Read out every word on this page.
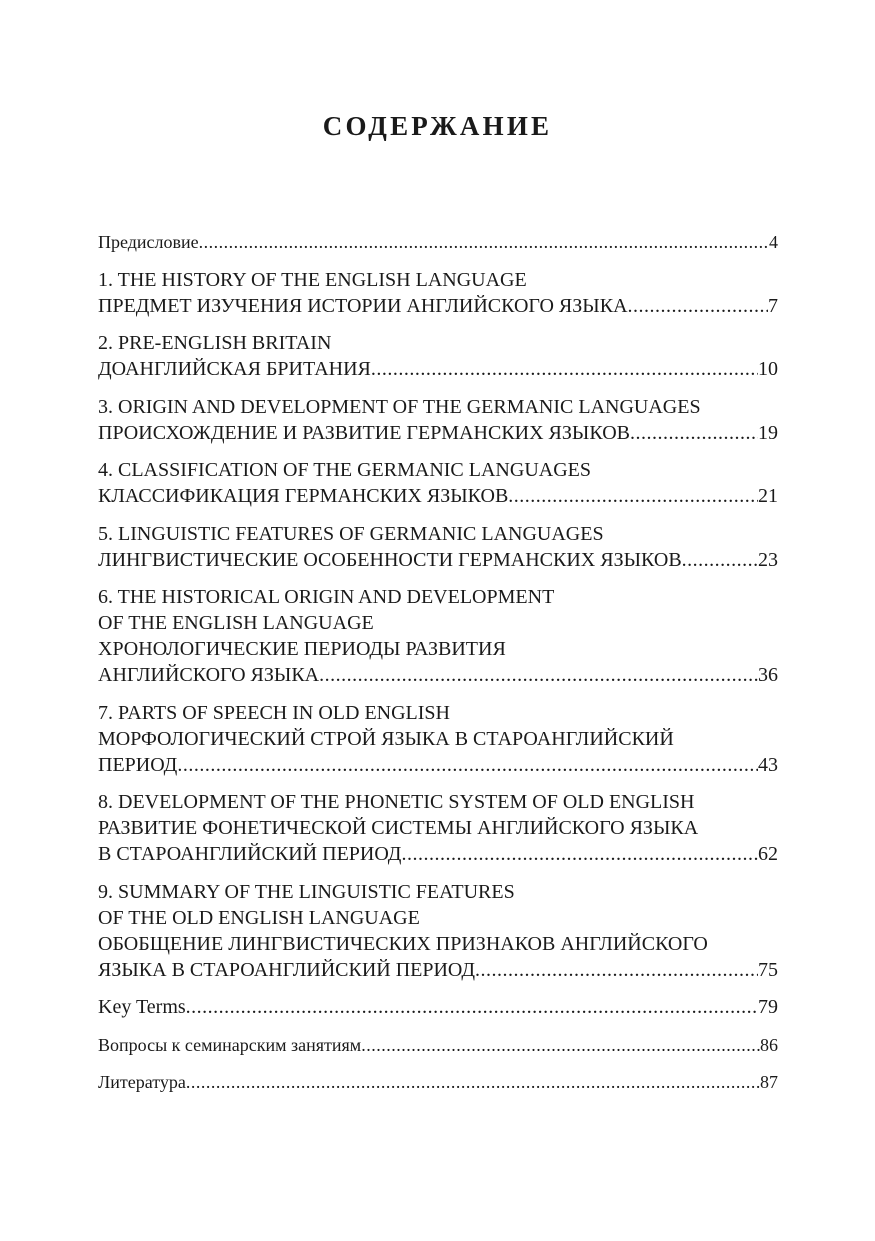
СОДЕРЖАНИЕ
Предисловие .....	4
1. THE HISTORY OF THE ENGLISH LANGUAGE
ПРЕДМЕТ ИЗУЧЕНИЯ ИСТОРИИ АНГЛИЙСКОГО ЯЗЫКА .....	7
2. PRE-ENGLISH BRITAIN
ДОАНГЛИЙСКАЯ БРИТАНИЯ .....	10
3. ORIGIN AND DEVELOPMENT OF THE GERMANIC LANGUAGES
ПРОИСХОЖДЕНИЕ И РАЗВИТИЕ ГЕРМАНСКИХ ЯЗЫКОВ .....	19
4. CLASSIFICATION OF THE GERMANIC LANGUAGES
КЛАССИФИКАЦИЯ ГЕРМАНСКИХ ЯЗЫКОВ .....	21
5. LINGUISTIC FEATURES OF GERMANIC LANGUAGES
ЛИНГВИСТИЧЕСКИЕ ОСОБЕННОСТИ ГЕРМАНСКИХ ЯЗЫКОВ .....	23
6. THE HISTORICAL ORIGIN AND DEVELOPMENT
OF THE ENGLISH LANGUAGE
ХРОНОЛОГИЧЕСКИЕ ПЕРИОДЫ РАЗВИТИЯ
АНГЛИЙСКОГО ЯЗЫКА .....	36
7. PARTS OF SPEECH IN OLD ENGLISH
МОРФОЛОГИЧЕСКИЙ СТРОЙ ЯЗЫКА В СТАРОАНГЛИЙСКИЙ
ПЕРИОД .....	43
8. DEVELOPMENT OF THE PHONETIC SYSTEM OF OLD ENGLISH
РАЗВИТИЕ ФОНЕТИЧЕСКОЙ СИСТЕМЫ АНГЛИЙСКОГО ЯЗЫКА
В СТАРОАНГЛИЙСКИЙ ПЕРИОД .....	62
9. SUMMARY OF THE LINGUISTIC FEATURES
OF THE OLD ENGLISH LANGUAGE
ОБОБЩЕНИЕ ЛИНГВИСТИЧЕСКИХ ПРИЗНАКОВ АНГЛИЙСКОГО
ЯЗЫКА В СТАРОАНГЛИЙСКИЙ ПЕРИОД .....	75
Key Terms .....	79
Вопросы к семинарским занятиям .....	86
Литература .....	87
